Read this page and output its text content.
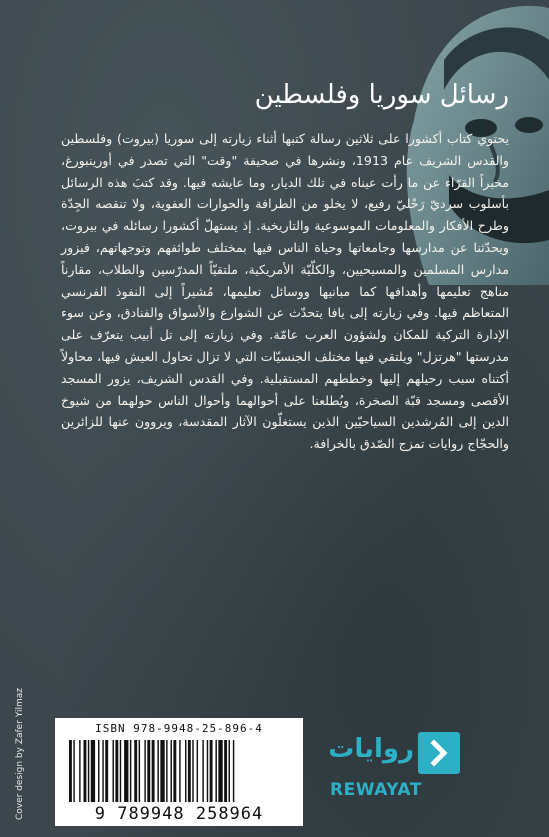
رسائل سوريا وفلسطين

يحتوي كتاب أكشورا على ثلاثين رسالة كتبها أثناء زيارته إلى سوريا (بيروت) وفلسطين والقدس الشريف عام 1913، ونشرها في صحيفة "وقت" التي تصدر في أورينبورغ، مخبراً القرّاء عن ما رأت عيناه في تلك الديار، وما عايشه فيها. وقد كتبَ هذه الرسائل بأسلوب سرديّ رَحْليّ رفيع، لا يخلو من الطرافة والحوارات العفوية، ولا تنقصه الجِدّة وطرح الأفكار والمعلومات الموسوعية والتاريخية. إذ يستهلّ أكشورا رسائله في بيروت، ويحدّثنا عن مدارسها وجامعاتها وحياة الناس فيها بمختلف طوائفهم وتوجهاتهم، فيزور مدارس المسلمين والمسيحيين، والكلّيّة الأمريكية، ملتقيّاً المدرّسين والطلاب، مقارناً مناهج تعليمها وأهدافها كما مبانيها ووسائل تعليمها، مُشيراً إلى النفوذ الفرنسي المتعاظم فيها. وفي زيارته إلى يافا يتحدّث عن الشوارع والأسواق والفنادق، وعن سوء الإدارة التركية للمكان ولشؤون العرب عامّة. وفي زيارته إلى تل أبيب يتعرّف على مدرستها "هرتزل" ويلتقي فيها مختلف الجنسيّات التي لا تزال تحاول العيش فيها، محاولاً أكتناه سبب رحيلهم إليها وخططهم المستقبلية. وفي القدس الشريف، يزور المسجد الأقصى ومسجد قبّة الصخرة، ويُطلعنا على أحوالهما وأحوال الناس حولهما من شيوخ الدين إلى المُرشدين السياحيّين الذين يستغلّون الآثار المقدسة، ويروون عنها للزائرين والحجّاج روايات تمزج الصّدق بالخرافة.

Cover design by Zafer Yilmaz	ISBN 978-9948-25-896-4
9 789948 258964
روايات
REWAYAT
